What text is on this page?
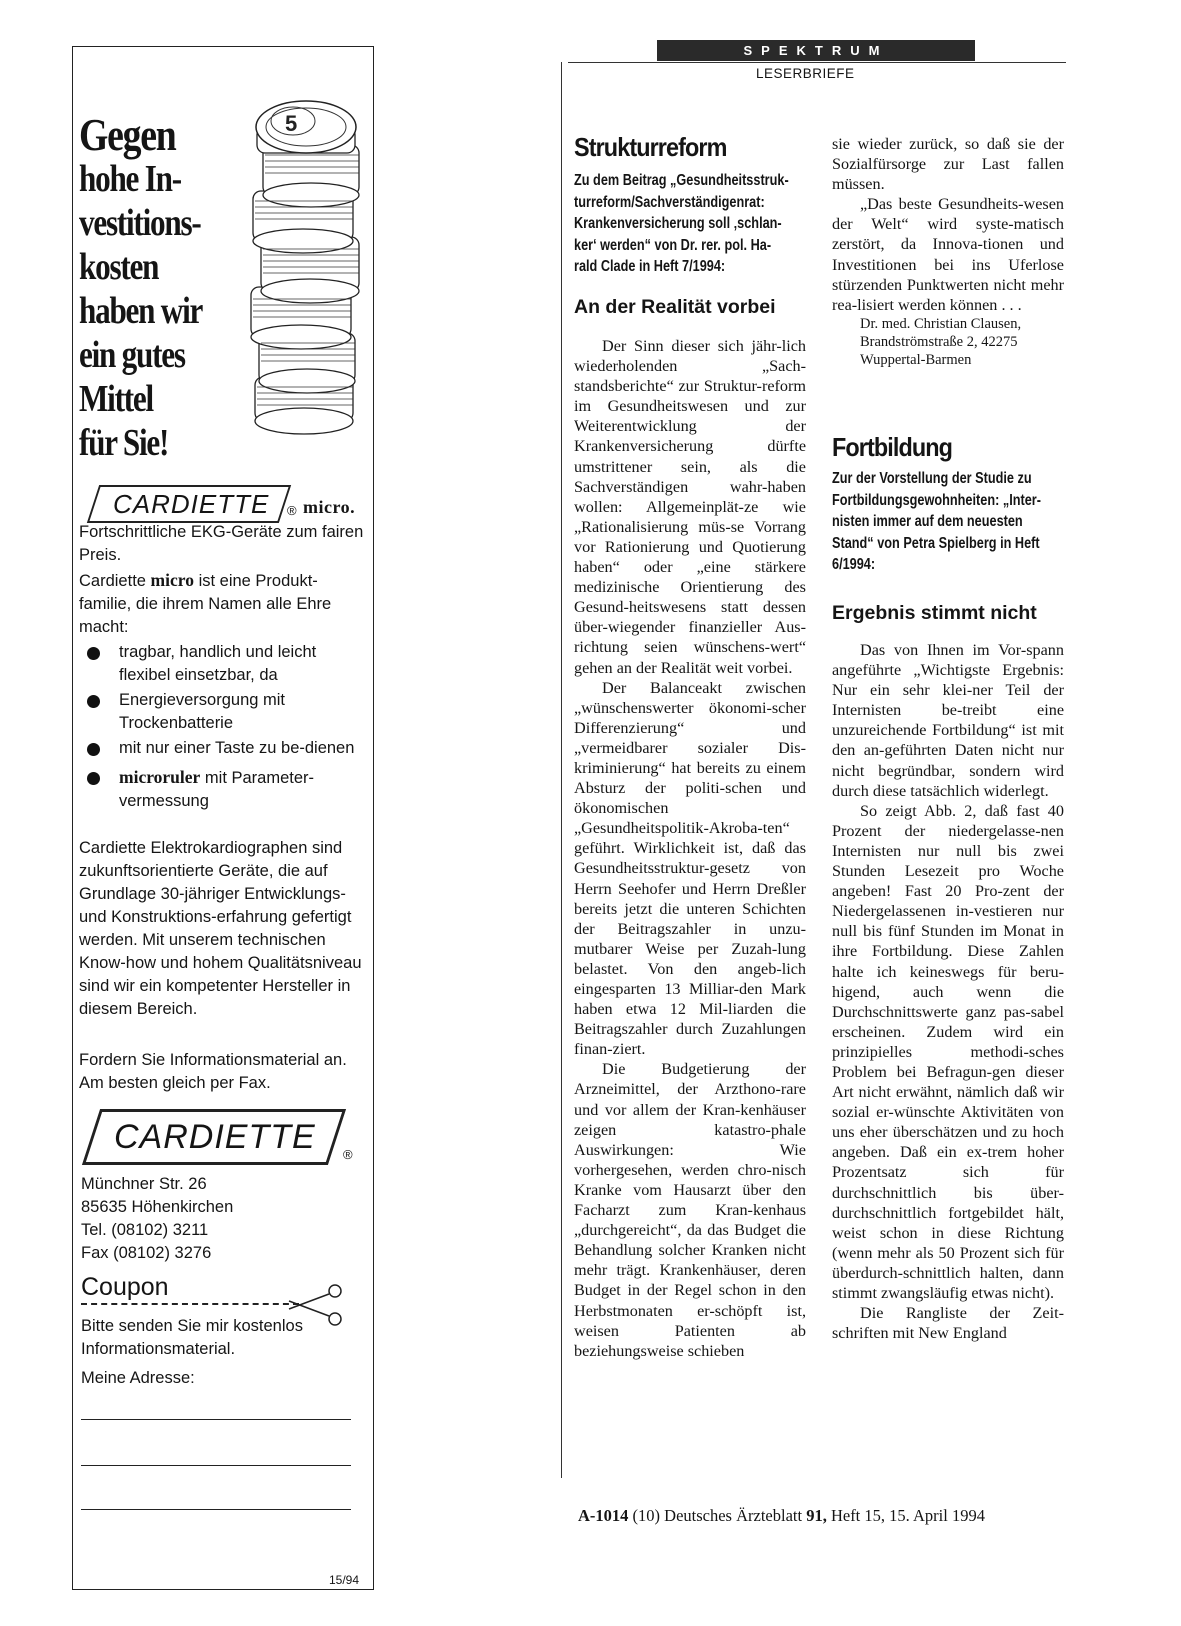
Gegen
hohe In-
vestitions-
kosten
haben wir
ein gutes
Mittel
für Sie!
5
CARDIETTE	® micro.
Fortschrittliche EKG-Geräte zum fairen Preis.
Cardiette micro ist eine Produkt-familie, die ihrem Namen alle Ehre macht:
tragbar, handlich und leicht flexibel einsetzbar, da
Energieversorgung mit Trockenbatterie
mit nur einer Taste zu be-dienen
microruler mit Parameter-vermessung
Cardiette Elektrokardiographen sind zukunftsorientierte Geräte, die auf Grundlage 30-jähriger Entwicklungs- und Konstruktions-erfahrung gefertigt werden. Mit unserem technischen Know-how und hohem Qualitätsniveau sind wir ein kompetenter Hersteller in diesem Bereich.
Fordern Sie Informationsmaterial an. Am besten gleich per Fax.
CARDIETTE	®
Münchner Str. 26
85635 Höhenkirchen
Tel. (08102) 3211
Fax (08102) 3276
Coupon
Bitte senden Sie mir kostenlos Informationsmaterial.
Meine Adresse:
15/94
SPEKTRUM
LESERBRIEFE
Strukturreform
Zu dem Beitrag „Gesundheitsstruk-
turreform/Sachverständigenrat:
Krankenversicherung soll ‚schlan-
ker‘ werden“ von Dr. rer. pol. Ha-
rald Clade in Heft 7/1994:
An der Realität vorbei

Der Sinn dieser sich jähr-lich wiederholenden „Sach-standsberichte“ zur Struktur-reform im Gesundheitswesen und zur Weiterentwicklung der Krankenversicherung dürfte umstrittener sein, als die Sachverständigen wahr-haben wollen: Allgemeinplät-ze wie „Rationalisierung müs-se Vorrang vor Rationierung und Quotierung haben“ oder „eine stärkere medizinische Orientierung des Gesund-heitswesens statt dessen über-wiegender finanzieller Aus-richtung seien wünschens-wert“ gehen an der Realität weit vorbei.

Der Balanceakt zwischen „wünschenswerter ökonomi-scher Differenzierung“ und „vermeidbarer sozialer Dis-kriminierung“ hat bereits zu einem Absturz der politi-schen und ökonomischen „Gesundheitspolitik-Akroba-ten“ geführt. Wirklichkeit ist, daß das Gesundheitsstruktur-gesetz von Herrn Seehofer und Herrn Dreßler bereits jetzt die unteren Schichten der Beitragszahler in unzu-mutbarer Weise per Zuzah-lung belastet. Von den angeb-lich eingesparten 13 Milliar-den Mark haben etwa 12 Mil-liarden die Beitragszahler durch Zuzahlungen finan-ziert.

Die Budgetierung der Arzneimittel, der Arzthono-rare und vor allem der Kran-kenhäuser zeigen katastro-phale Auswirkungen: Wie vorhergesehen, werden chro-nisch Kranke vom Hausarzt über den Facharzt zum Kran-kenhaus „durchgereicht“, da das Budget die Behandlung solcher Kranken nicht mehr trägt. Krankenhäuser, deren Budget in der Regel schon in den Herbstmonaten er-schöpft ist, weisen Patienten ab beziehungsweise schieben

sie wieder zurück, so daß sie der Sozialfürsorge zur Last fallen müssen.

„Das beste Gesundheits-wesen der Welt“ wird syste-matisch zerstört, da Innova-tionen und Investitionen bei ins Uferlose stürzenden Punktwerten nicht mehr rea-lisiert werden können . . .

Dr. med. Christian Clausen,
Brandströmstraße 2, 42275
Wuppertal-Barmen
Fortbildung
Zur der Vorstellung der Studie zu
Fortbildungsgewohnheiten: „Inter-
nisten immer auf dem neuesten
Stand“ von Petra Spielberg in Heft
6/1994:
Ergebnis stimmt nicht

Das von Ihnen im Vor-spann angeführte „Wichtigste Ergebnis: Nur ein sehr klei-ner Teil der Internisten be-treibt eine unzureichende Fortbildung“ ist mit den an-geführten Daten nicht nur nicht begründbar, sondern wird durch diese tatsächlich widerlegt.

So zeigt Abb. 2, daß fast 40 Prozent der niedergelasse-nen Internisten nur null bis zwei Stunden Lesezeit pro Woche angeben! Fast 20 Pro-zent der Niedergelassenen in-vestieren nur null bis fünf Stunden im Monat in ihre Fortbildung. Diese Zahlen halte ich keineswegs für beru-higend, auch wenn die Durchschnittswerte ganz pas-sabel erscheinen. Zudem wird ein prinzipielles methodi-sches Problem bei Befragun-gen dieser Art nicht erwähnt, nämlich daß wir sozial er-wünschte Aktivitäten von uns eher überschätzen und zu hoch angeben. Daß ein ex-trem hoher Prozentsatz sich für durchschnittlich bis über-durchschnittlich fortgebildet hält, weist schon in diese Richtung (wenn mehr als 50 Prozent sich für überdurch-schnittlich halten, dann stimmt zwangsläufig etwas nicht).

Die Rangliste der Zeit-schriften mit New England

A-1014 (10) Deutsches Ärzteblatt 91, Heft 15, 15. April 1994
